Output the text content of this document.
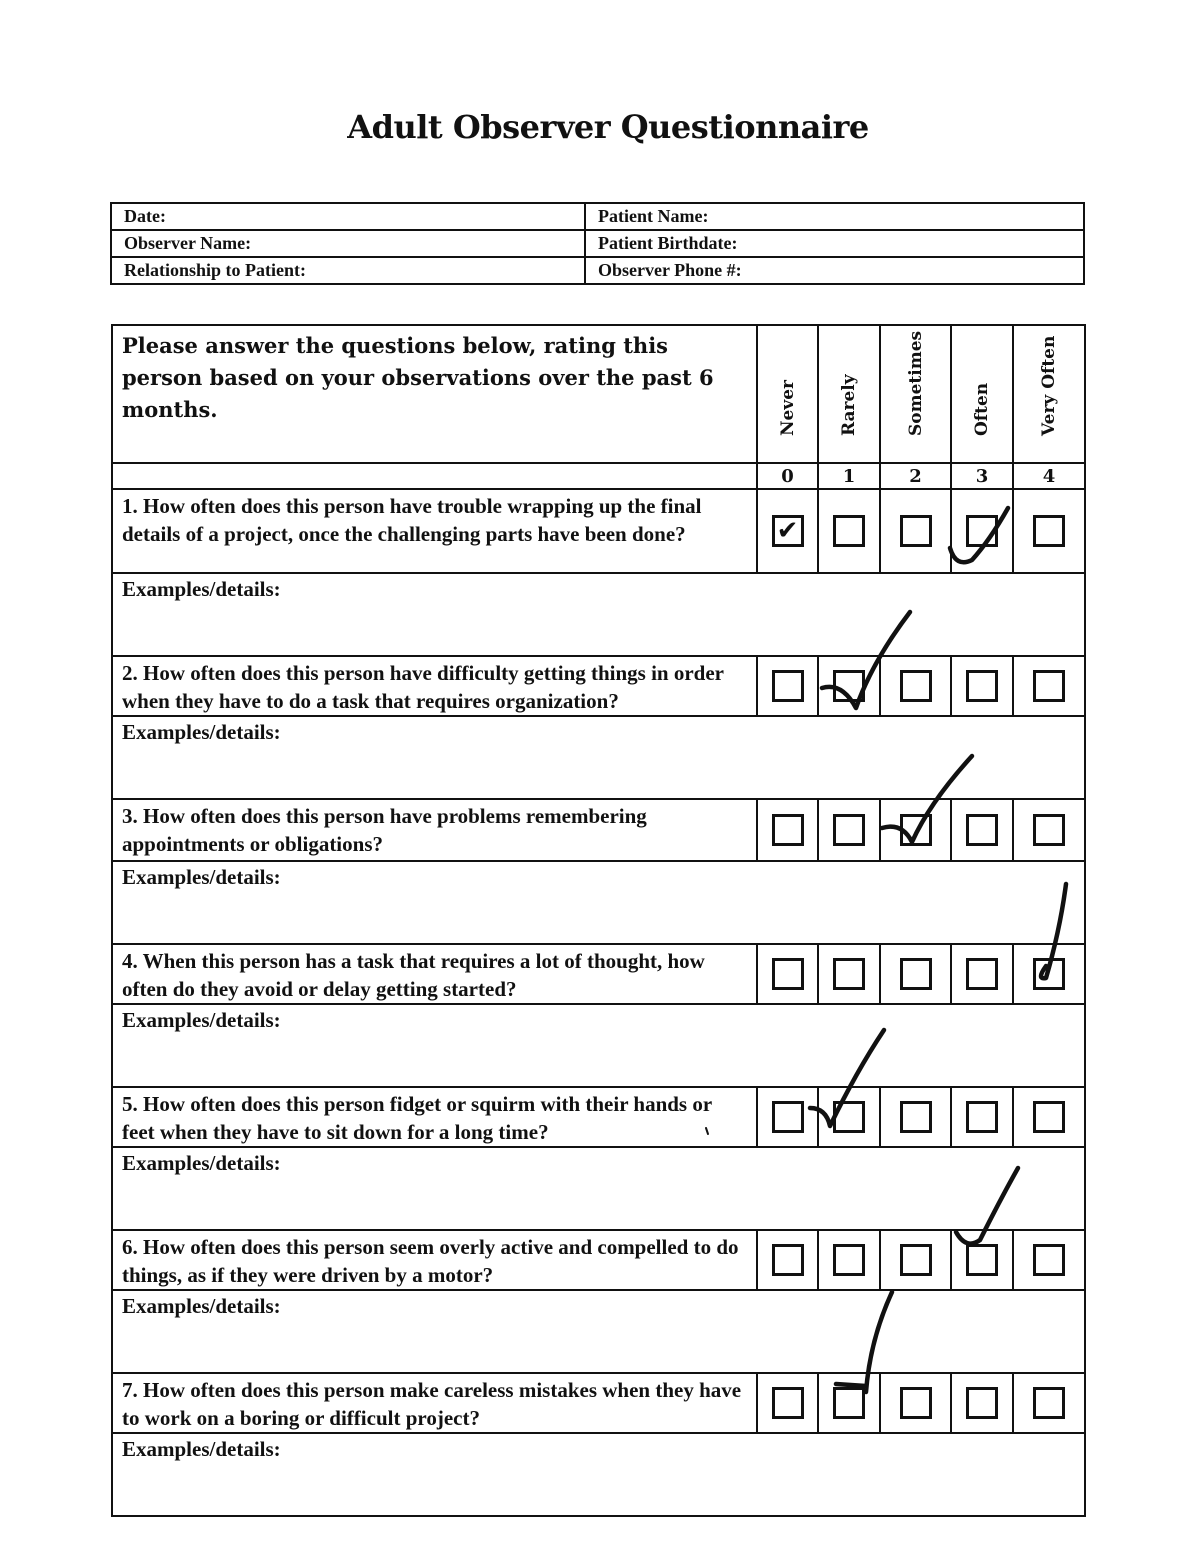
Adult Observer Questionnaire
Date:	Patient Name:
Observer Name:	Patient Birthdate:
Relationship to Patient:	Observer Phone #:
Please answer the questions below, rating this person based on your observations over the past 6 months.	Never	Rarely	Sometimes	Often	Very Often

	0	1	2	3	4
1. How often does this person have trouble wrapping up the final details of a project, once the challenging parts have been done?	✔				
Examples/details:					
2. How often does this person have difficulty getting things in order when they have to do a task that requires organization?					
Examples/details:					
3. How often does this person have problems remembering appointments or obligations?					
Examples/details:					
4. When this person has a task that requires a lot of thought, how often do they avoid or delay getting started?					
Examples/details:					
5. How often does this person fidget or squirm with their hands or feet when they have to sit down for a long time?					
Examples/details:					
6. How often does this person seem overly active and compelled to do things, as if they were driven by a motor?					
Examples/details:					
7. How often does this person make careless mistakes when they have to work on a boring or difficult project?					
Examples/details:					
